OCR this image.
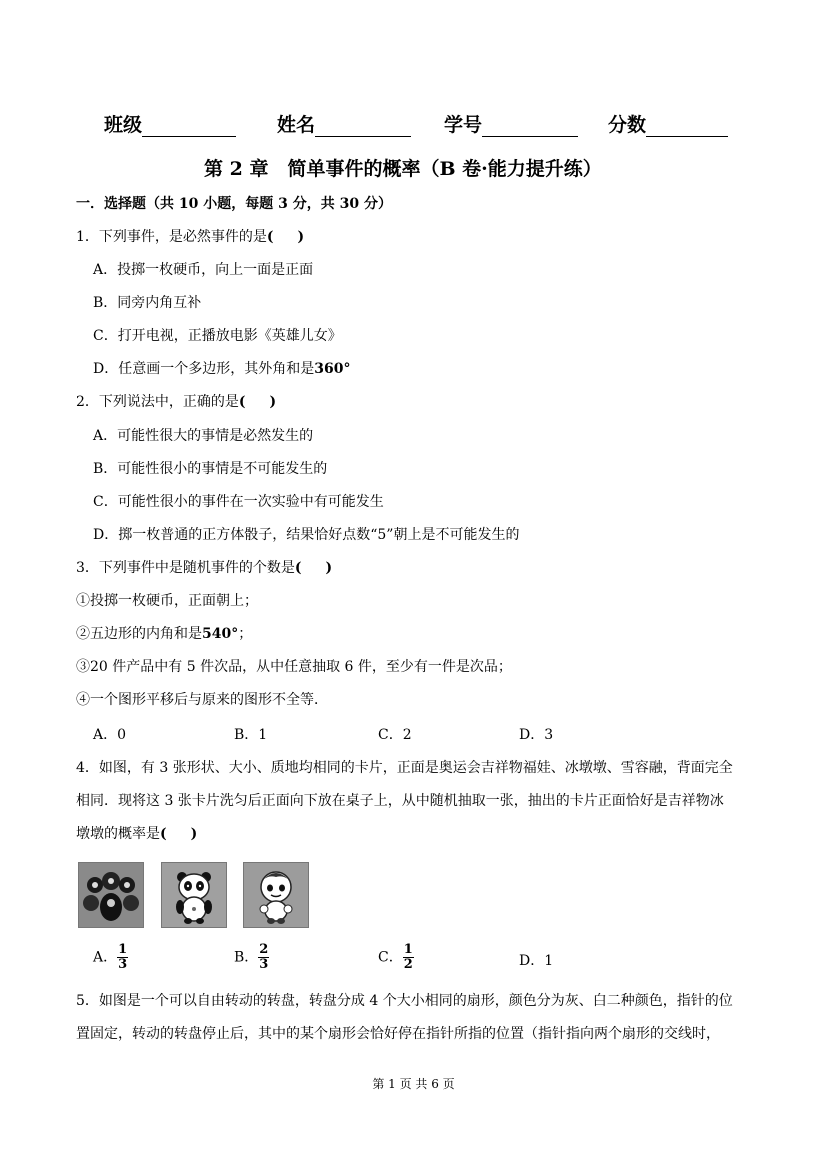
班级	姓名	学号	分数
第 2 章　简单事件的概率（B 卷·能力提升练）
一．选择题（共 10 小题，每题 3 分，共 30 分）
1．下列事件，是必然事件的是( )
A．投掷一枚硬币，向上一面是正面
B．同旁内角互补
C．打开电视，正播放电影《英雄儿女》
D．任意画一个多边形，其外角和是360°
2．下列说法中，正确的是( )
A．可能性很大的事情是必然发生的
B．可能性很小的事情是不可能发生的
C．可能性很小的事件在一次实验中有可能发生
D．掷一枚普通的正方体骰子，结果恰好点数“5”朝上是不可能发生的
3．下列事件中是随机事件的个数是( )
①投掷一枚硬币，正面朝上；
②五边形的内角和是540°；
③20 件产品中有 5 件次品，从中任意抽取 6 件，至少有一件是次品；
④一个图形平移后与原来的图形不全等．
A．0	B．1	C．2	D．3
4．如图，有 3 张形状、大小、质地均相同的卡片，正面是奥运会吉祥物福娃、冰墩墩、雪容融，背面完全
相同．现将这 3 张卡片洗匀后正面向下放在桌子上，从中随机抽取一张，抽出的卡片正面恰好是吉祥物冰
墩墩的概率是( )
A． $\frac{1}{3}$	B． $\frac{2}{3}$	C． $\frac{1}{2}$	D．1
5．如图是一个可以自由转动的转盘，转盘分成 4 个大小相同的扇形，颜色分为灰、白二种颜色，指针的位
置固定，转动的转盘停止后，其中的某个扇形会恰好停在指针所指的位置（指针指向两个扇形的交线时，
第 1 页 共 6 页
